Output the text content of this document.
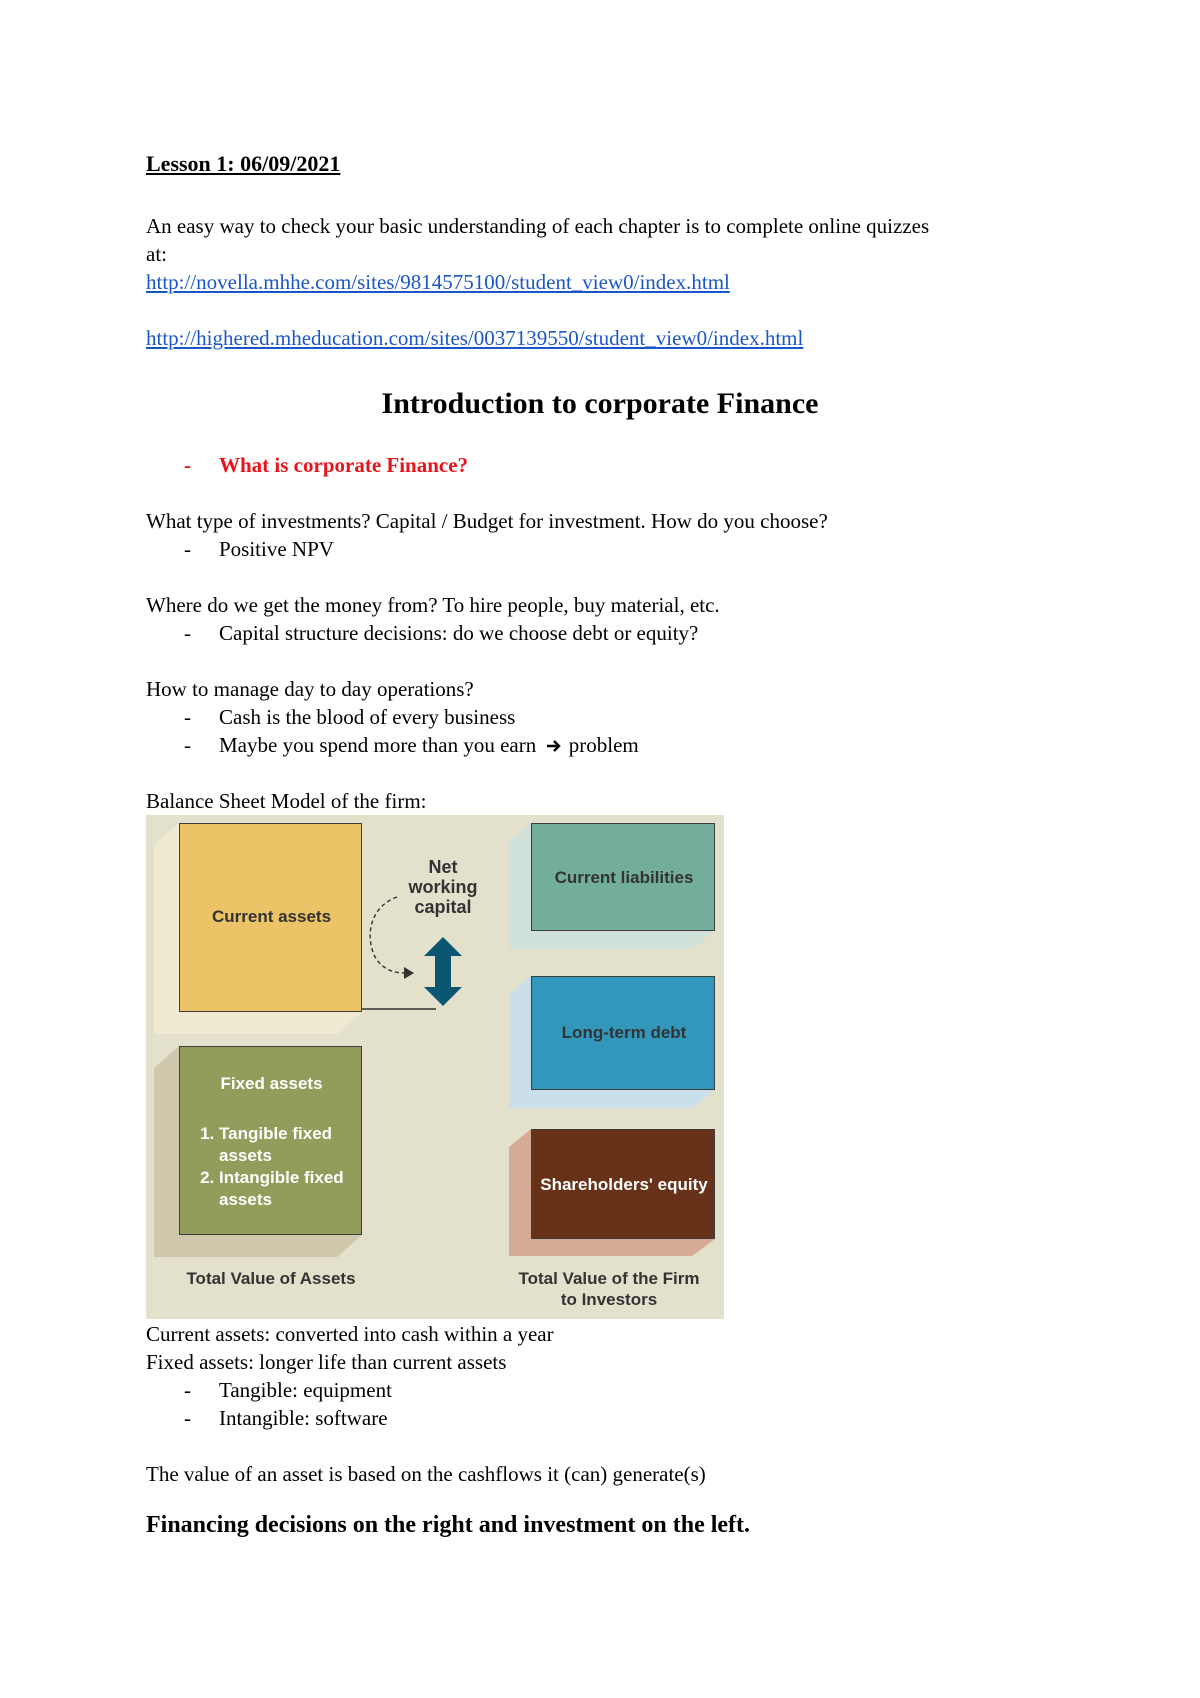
Lesson 1: 06/09/2021
An easy way to check your basic understanding of each chapter is to complete online quizzes
at:
http://novella.mhhe.com/sites/9814575100/student_view0/index.html
http://highered.mheducation.com/sites/0037139550/student_view0/index.html
Introduction to corporate Finance
- What is corporate Finance?
What type of investments? Capital / Budget for investment. How do you choose?
- Positive NPV
Where do we get the money from? To hire people, buy material, etc.
- Capital structure decisions: do we choose debt or equity?
How to manage day to day operations?
- Cash is the blood of every business
- Maybe you spend more than you earn problem
Balance Sheet Model of the firm:
Current assets
Net
working
capital
Current liabilities
Long-term debt
Fixed assets
1. Tangible fixed assets
2. Intangible fixed assets
Shareholders' equity
Total Value of Assets	Total Value of the Firm
to Investors
Current assets: converted into cash within a year
Fixed assets: longer life than current assets
- Tangible: equipment
- Intangible: software
The value of an asset is based on the cashflows it (can) generate(s)
Financing decisions on the right and investment on the left.
